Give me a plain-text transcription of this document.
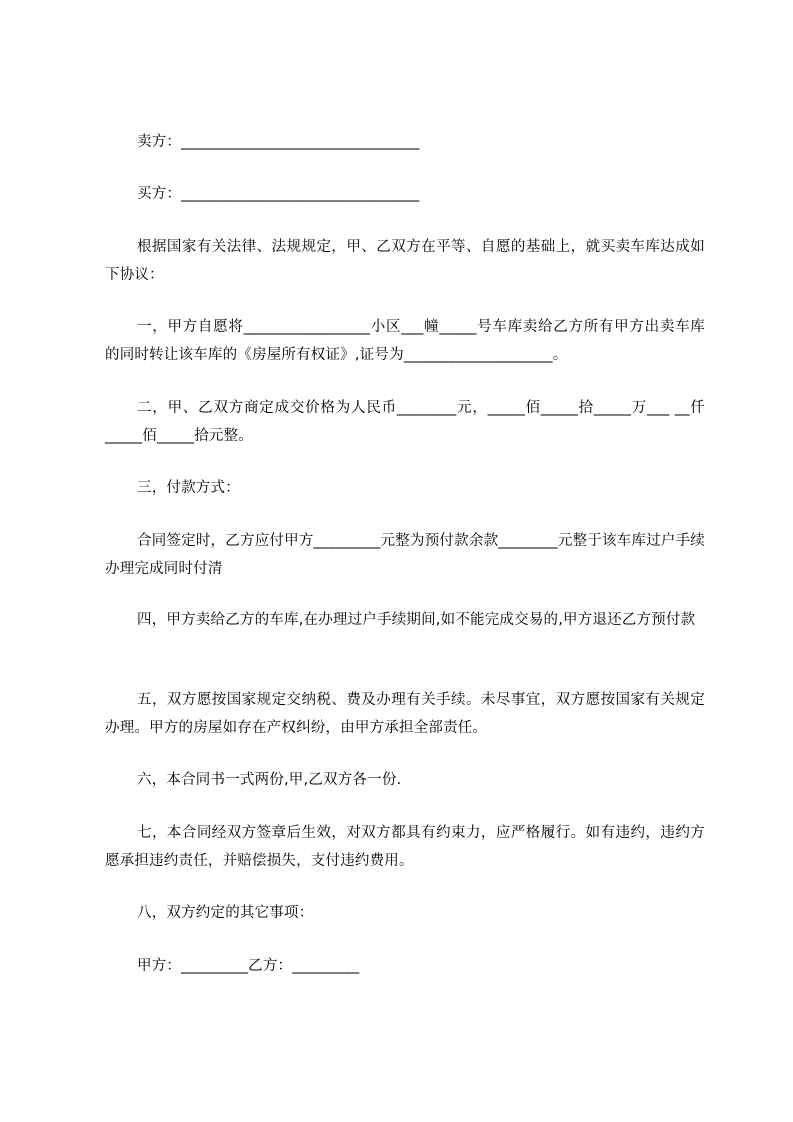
卖方：________________________________
买方：________________________________
根据国家有关法律、法规规定，甲、乙双方在平等、自愿的基础上，就买卖车库达成如下协议：
一，甲方自愿将_________________小区___幢_____号车库卖给乙方所有甲方出卖车库的同时转让该车库的《房屋所有权证》,证号为____________________。
二，甲、乙双方商定成交价格为人民币________元，_____佰_____拾_____万___ __仟_____佰_____拾元整。
三，付款方式：
合同签定时，乙方应付甲方_________元整为预付款余款________元整于该车库过户手续办理完成同时付清
四，甲方卖给乙方的车库,在办理过户手续期间,如不能完成交易的,甲方退还乙方预付款
五，双方愿按国家规定交纳税、费及办理有关手续。未尽事宜，双方愿按国家有关规定办理。甲方的房屋如存在产权纠纷，由甲方承担全部责任。
六，本合同书一式两份,甲,乙双方各一份.
七，本合同经双方签章后生效，对双方都具有约束力，应严格履行。如有违约，违约方愿承担违约责任，并赔偿损失，支付违约费用。
八，双方约定的其它事项：
甲方：_________乙方：_________
